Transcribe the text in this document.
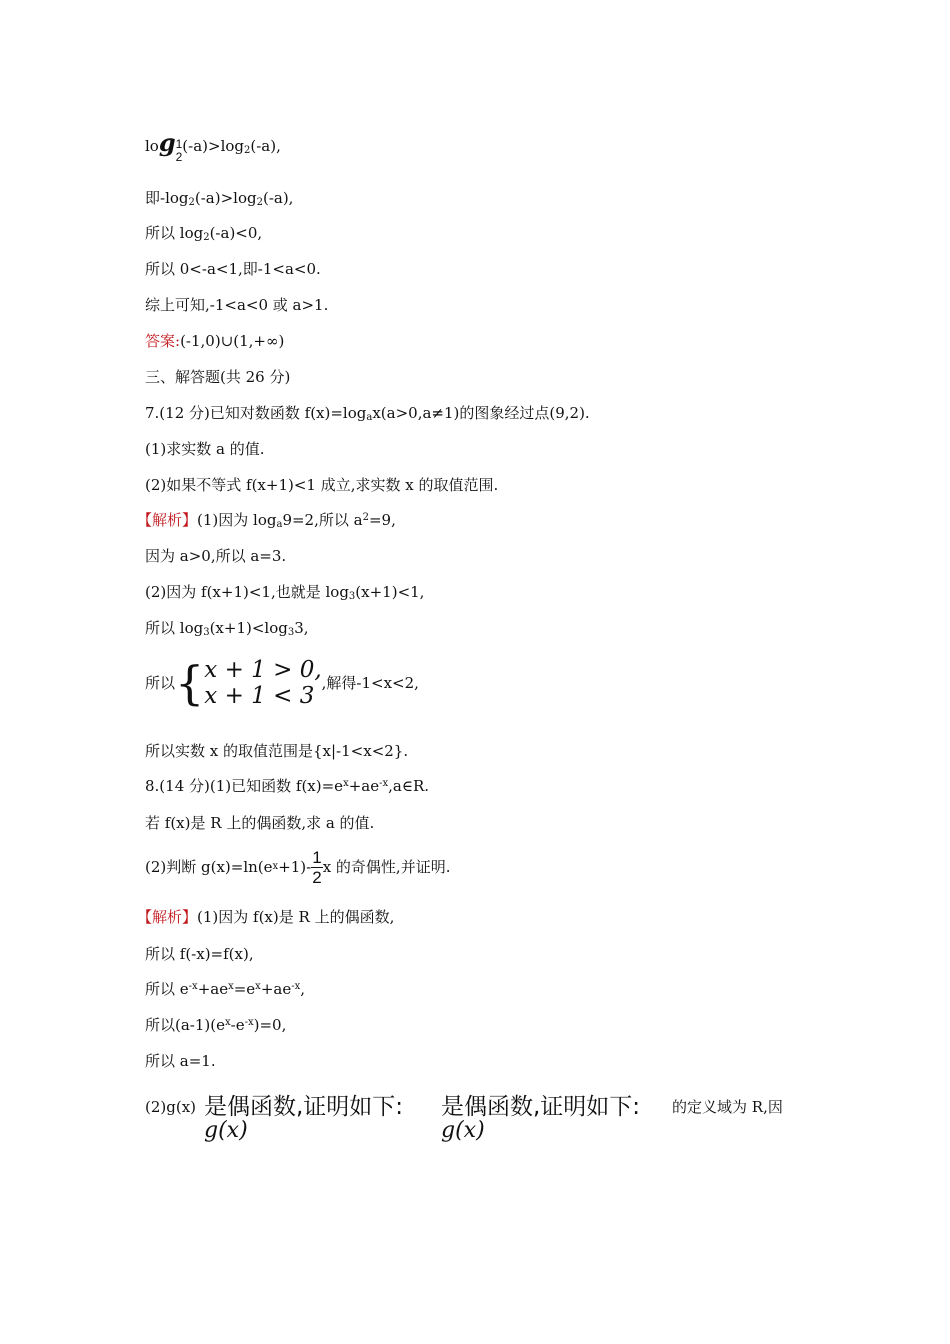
log 1
2
$(-a)>\log_2(-a)$,
即$-\log_2(-a)>\log_2(-a)$,
所以 $\log_2(-a)<0$,
所以 0<-a<1,即-1<a<0.
综上可知,-1<a<0 或 a>1.
答案:(-1,0)∪(1,+∞)
三、解答题(共 26 分)
7.(12 分)已知对数函数 $f(x)=\log_ax(a>0,a\ne 1)$的图象经过点(9,2).
(1)求实数 a 的值.
(2)如果不等式 f(x+1)<1 成立,求实数 x 的取值范围.
【解析】(1)因为 $\log_a9=2$,所以 $a^2=9$,
因为 a>0,所以 a=3.
(2)因为 f(x+1)<1,也就是 $\log_3(x+1)<1$,
所以 $\log_3(x+1)<\log_33$,
所以 { x + 1 > 0,
x + 1 < 3 ,解得-1<x<2,
所以实数 x 的取值范围是{x|-1<x<2}.
8.(14 分)(1)已知函数 $f(x)=e^x+ae^{-x},a\in R$.
若 f(x)是 R 上的偶函数,求 a 的值.
(2)判断 g(x)=ln(e $x +1)- \frac{1}{2}$ x 的奇偶性,并证明.
【解析】(1)因为 f(x)是 R 上的偶函数,
所以 f(-x)=f(x),
所以 $e^{-x}+ae^x=e^x+ae^{-x}$,
所以$(a-1)(e^x-e^{-x})=0$,
所以 a=1.
(2)g(x) 是偶函数,证明如下:
g(x)
是偶函数,证明如下:
g(x)
的定义域为 R,因
